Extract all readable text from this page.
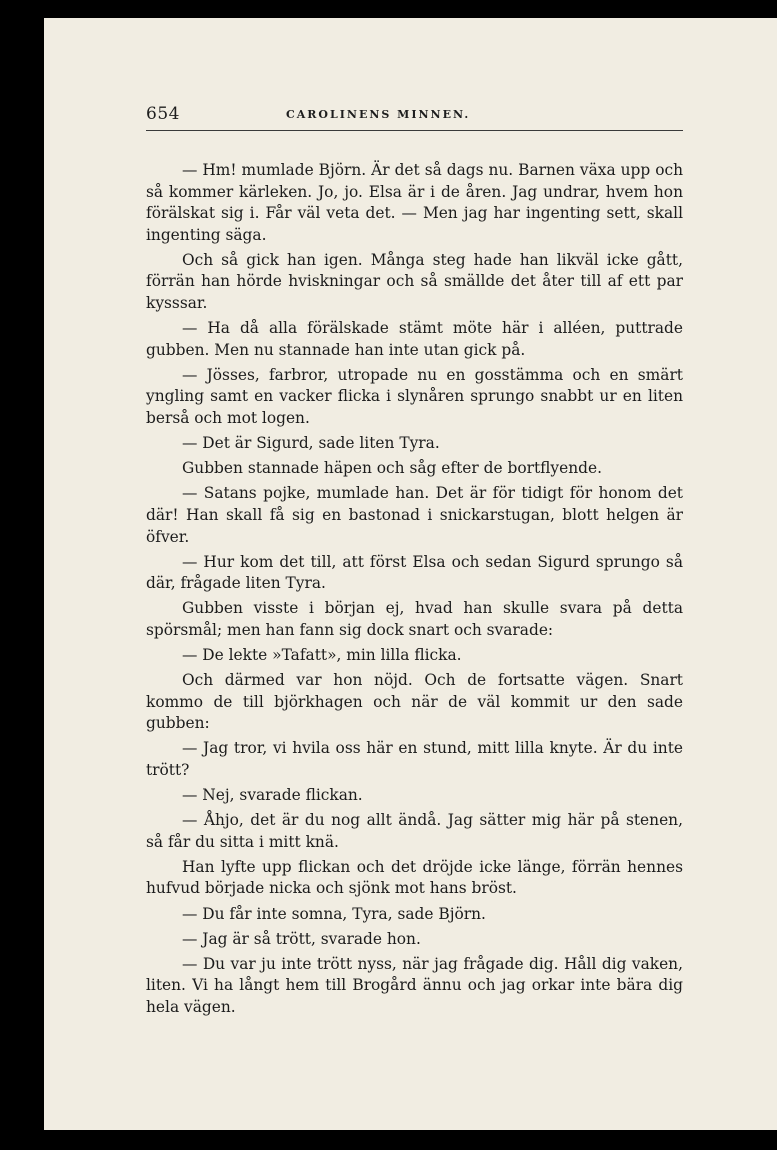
654	CAROLINENS MINNEN.

— Hm! mumlade Björn. Är det så dags nu. Barnen växa upp och så kommer kärleken. Jo, jo. Elsa är i de åren. Jag undrar, hvem hon förälskat sig i. Får väl veta det. — Men jag har ingenting sett, skall ingenting säga.

Och så gick han igen. Många steg hade han likväl icke gått, förrän han hörde hviskningar och så smällde det åter till af ett par kysssar.

— Ha då alla förälskade stämt möte här i alléen, puttrade gubben. Men nu stannade han inte utan gick på.

— Jösses, farbror, utropade nu en gosstämma och en smärt yngling samt en vacker flicka i slynåren sprungo snabbt ur en liten berså och mot logen.

— Det är Sigurd, sade liten Tyra.

Gubben stannade häpen och såg efter de bortflyende.

— Satans pojke, mumlade han. Det är för tidigt för honom det där! Han skall få sig en bastonad i snickarstugan, blott helgen är öfver.

— Hur kom det till, att först Elsa och sedan Sigurd sprungo så där, frågade liten Tyra.

Gubben visste i början ej, hvad han skulle svara på detta spörsmål; men han fann sig dock snart och svarade:

— De lekte »Tafatt», min lilla flicka.

Och därmed var hon nöjd. Och de fortsatte vägen. Snart kommo de till björkhagen och när de väl kommit ur den sade gubben:

— Jag tror, vi hvila oss här en stund, mitt lilla knyte. Är du inte trött?

— Nej, svarade flickan.

— Åhjo, det är du nog allt ändå. Jag sätter mig här på stenen, så får du sitta i mitt knä.

Han lyfte upp flickan och det dröjde icke länge, förrän hennes hufvud började nicka och sjönk mot hans bröst.

— Du får inte somna, Tyra, sade Björn.

— Jag är så trött, svarade hon.

— Du var ju inte trött nyss, när jag frågade dig. Håll dig vaken, liten. Vi ha långt hem till Brogård ännu och jag orkar inte bära dig hela vägen.
